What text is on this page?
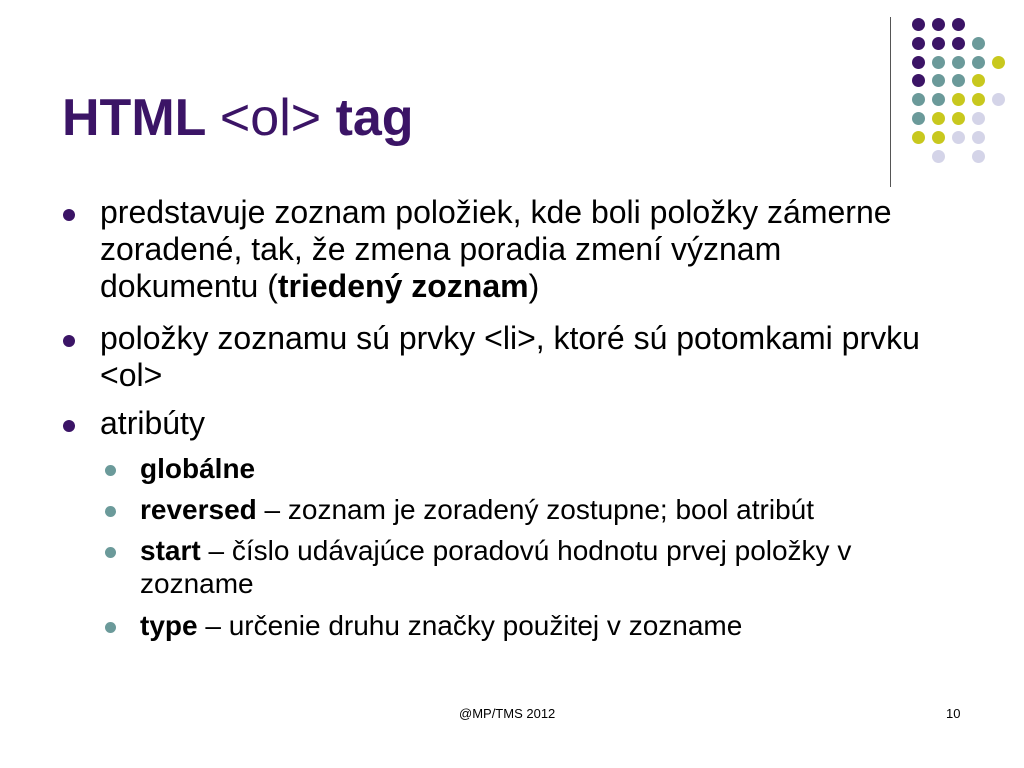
HTML <ol> tag
predstavuje zoznam položiek, kde boli položky zámerne zoradené, tak, že zmena poradia zmení význam dokumentu (triedený zoznam)
položky zoznamu sú prvky <li>, ktoré sú potomkami prvku <ol>
atribúty
globálne
reversed – zoznam je zoradený zostupne; bool atribút
start – číslo udávajúce poradovú hodnotu prvej položky v zozname
type – určenie druhu značky použitej v zozname
@MP/TMS 2012	10
